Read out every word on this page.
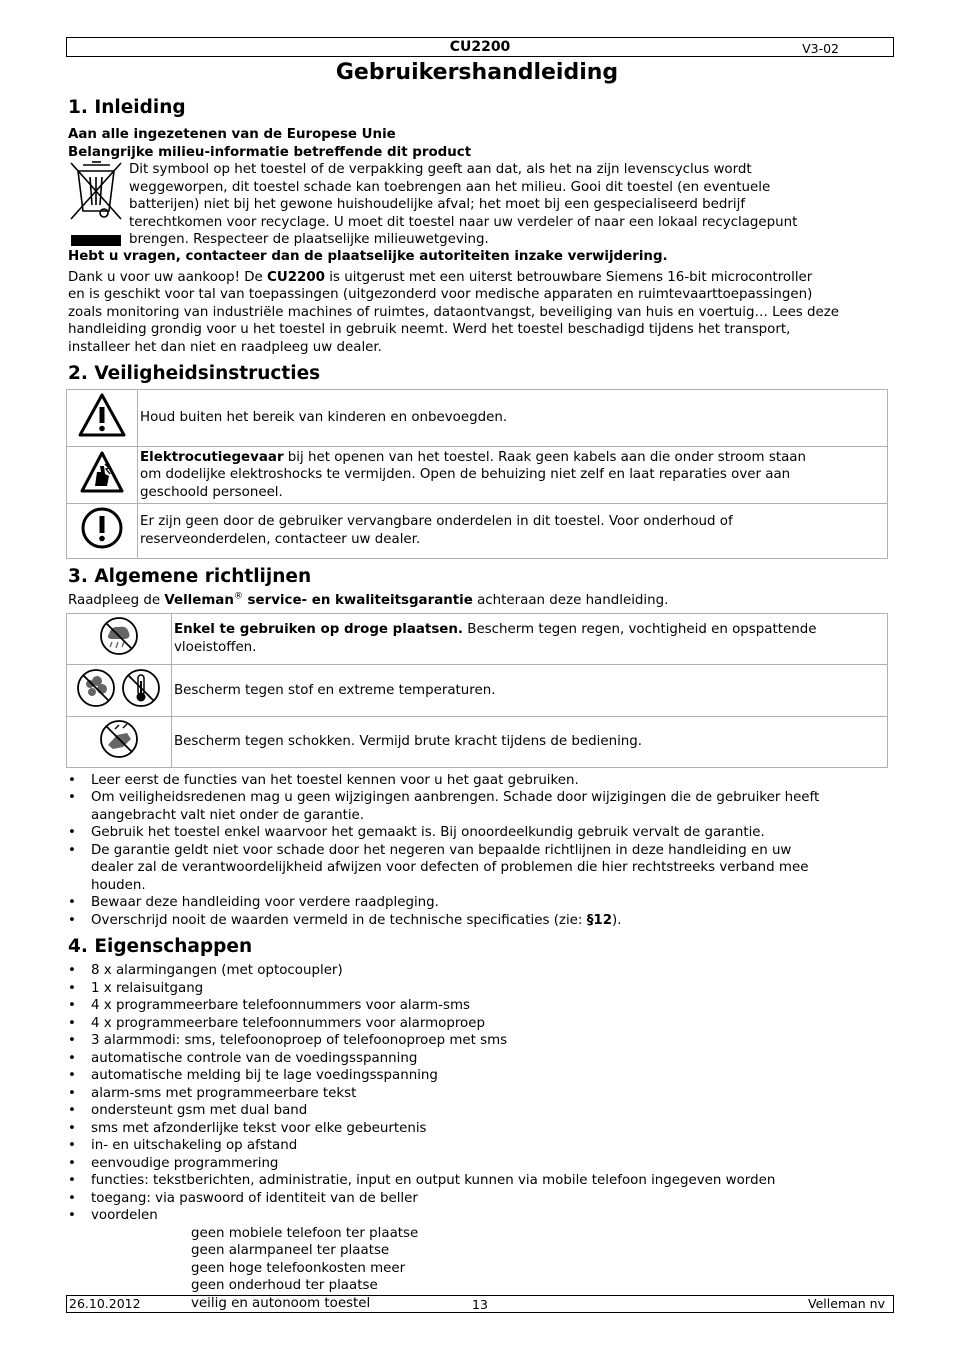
CU2200	V3-02
Gebruikershandleiding
1. Inleiding

Aan alle ingezetenen van de Europese Unie

Belangrijke milieu-informatie betreffende dit product

Dit symbool op het toestel of de verpakking geeft aan dat, als het na zijn levenscyclus wordt
weggeworpen, dit toestel schade kan toebrengen aan het milieu. Gooi dit toestel (en eventuele
batterijen) niet bij het gewone huishoudelijke afval; het moet bij een gespecialiseerd bedrijf
terechtkomen voor recyclage. U moet dit toestel naar uw verdeler of naar een lokaal recyclagepunt
brengen. Respecteer de plaatselijke milieuwetgeving.

Hebt u vragen, contacteer dan de plaatselijke autoriteiten inzake verwijdering.

Dank u voor uw aankoop! De CU2200 is uitgerust met een uiterst betrouwbare Siemens 16-bit microcontroller

en is geschikt voor tal van toepassingen (uitgezonderd voor medische apparaten en ruimtevaarttoepassingen)
zoals monitoring van industriële machines of ruimtes, dataontvangst, beveiliging van huis en voertuig… Lees deze
handleiding grondig voor u het toestel in gebruik neemt. Werd het toestel beschadigd tijdens het transport,
installeer het dan niet en raadpleeg uw dealer.
2. Veiligheidsinstructies
	Houd buiten het bereik van kinderen en onbevoegden.
	Elektrocutiegevaar bij het openen van het toestel. Raak geen kabels aan die onder stroom staan
om dodelijke elektroshocks te vermijden. Open de behuizing niet zelf en laat reparaties over aan
geschoold personeel.
	Er zijn geen door de gebruiker vervangbare onderdelen in dit toestel. Voor onderhoud of
reserveonderdelen, contacteer uw dealer.
3. Algemene richtlijnen

Raadpleeg de Velleman® service- en kwaliteitsgarantie achteraan deze handleiding.

	Enkel te gebruiken op droge plaatsen. Bescherm tegen regen, vochtigheid en opspattende
vloeistoffen.
	Bescherm tegen stof en extreme temperaturen.
	Bescherm tegen schokken. Vermijd brute kracht tijdens de bediening.
• Leer eerst de functies van het toestel kennen voor u het gaat gebruiken.
• Om veiligheidsredenen mag u geen wijzigingen aanbrengen. Schade door wijzigingen die de gebruiker heeft
aangebracht valt niet onder de garantie.
• Gebruik het toestel enkel waarvoor het gemaakt is. Bij onoordeelkundig gebruik vervalt de garantie.
• De garantie geldt niet voor schade door het negeren van bepaalde richtlijnen in deze handleiding en uw
dealer zal de verantwoordelijkheid afwijzen voor defecten of problemen die hier rechtstreeks verband mee
houden.
• Bewaar deze handleiding voor verdere raadpleging.
• Overschrijd nooit de waarden vermeld in de technische specificaties (zie: §12).
4. Eigenschappen
• 8 x alarmingangen (met optocoupler)
• 1 x relaisuitgang
• 4 x programmeerbare telefoonnummers voor alarm-sms
• 4 x programmeerbare telefoonnummers voor alarmoproep
• 3 alarmmodi: sms, telefoonoproep of telefoonoproep met sms
• automatische controle van de voedingsspanning
• automatische melding bij te lage voedingsspanning
• alarm-sms met programmeerbare tekst
• ondersteunt gsm met dual band
• sms met afzonderlijke tekst voor elke gebeurtenis
• in- en uitschakeling op afstand
• eenvoudige programmering
• functies: tekstberichten, administratie, input en output kunnen via mobile telefoon ingegeven worden
• toegang: via paswoord of identiteit van de beller
• voordelen
geen mobiele telefoon ter plaatse
geen alarmpaneel ter plaatse
geen hoge telefoonkosten meer
geen onderhoud ter plaatse
veilig en autonoom toestel
26.10.2012	13	Velleman nv
